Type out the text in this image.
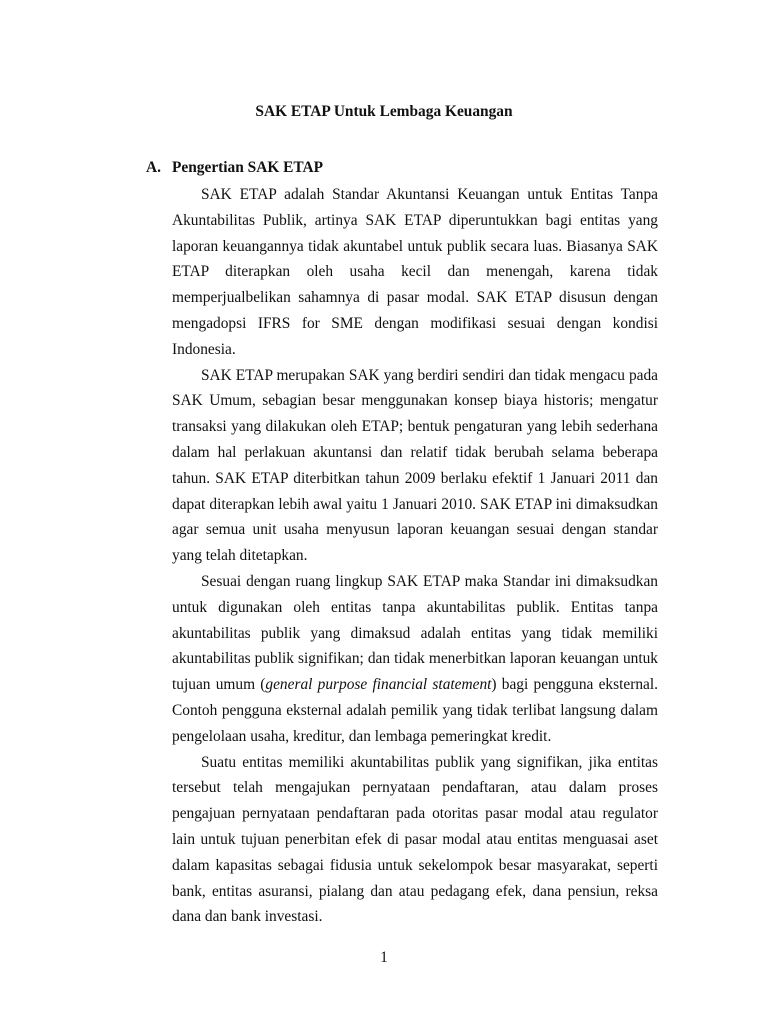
SAK ETAP Untuk Lembaga Keuangan
A. Pengertian SAK ETAP

SAK ETAP adalah Standar Akuntansi Keuangan untuk Entitas Tanpa Akuntabilitas Publik, artinya SAK ETAP diperuntukkan bagi entitas yang laporan keuangannya tidak akuntabel untuk publik secara luas. Biasanya SAK ETAP diterapkan oleh usaha kecil dan menengah, karena tidak memperjualbelikan sahamnya di pasar modal. SAK ETAP disusun dengan mengadopsi IFRS for SME dengan modifikasi sesuai dengan kondisi Indonesia.

SAK ETAP merupakan SAK yang berdiri sendiri dan tidak mengacu pada SAK Umum, sebagian besar menggunakan konsep biaya historis; mengatur transaksi yang dilakukan oleh ETAP; bentuk pengaturan yang lebih sederhana dalam hal perlakuan akuntansi dan relatif tidak berubah selama beberapa tahun. SAK ETAP diterbitkan tahun 2009 berlaku efektif 1 Januari 2011 dan dapat diterapkan lebih awal yaitu 1 Januari 2010. SAK ETAP ini dimaksudkan agar semua unit usaha menyusun laporan keuangan sesuai dengan standar yang telah ditetapkan.

Sesuai dengan ruang lingkup SAK ETAP maka Standar ini dimaksudkan untuk digunakan oleh entitas tanpa akuntabilitas publik. Entitas tanpa akuntabilitas publik yang dimaksud adalah entitas yang tidak memiliki akuntabilitas publik signifikan; dan tidak menerbitkan laporan keuangan untuk tujuan umum (general purpose financial statement) bagi pengguna eksternal. Contoh pengguna eksternal adalah pemilik yang tidak terlibat langsung dalam pengelolaan usaha, kreditur, dan lembaga pemeringkat kredit.

Suatu entitas memiliki akuntabilitas publik yang signifikan, jika entitas tersebut telah mengajukan pernyataan pendaftaran, atau dalam proses pengajuan pernyataan pendaftaran pada otoritas pasar modal atau regulator lain untuk tujuan penerbitan efek di pasar modal atau entitas menguasai aset dalam kapasitas sebagai fidusia untuk sekelompok besar masyarakat, seperti bank, entitas asuransi, pialang dan atau pedagang efek, dana pensiun, reksa dana dan bank investasi.

1
